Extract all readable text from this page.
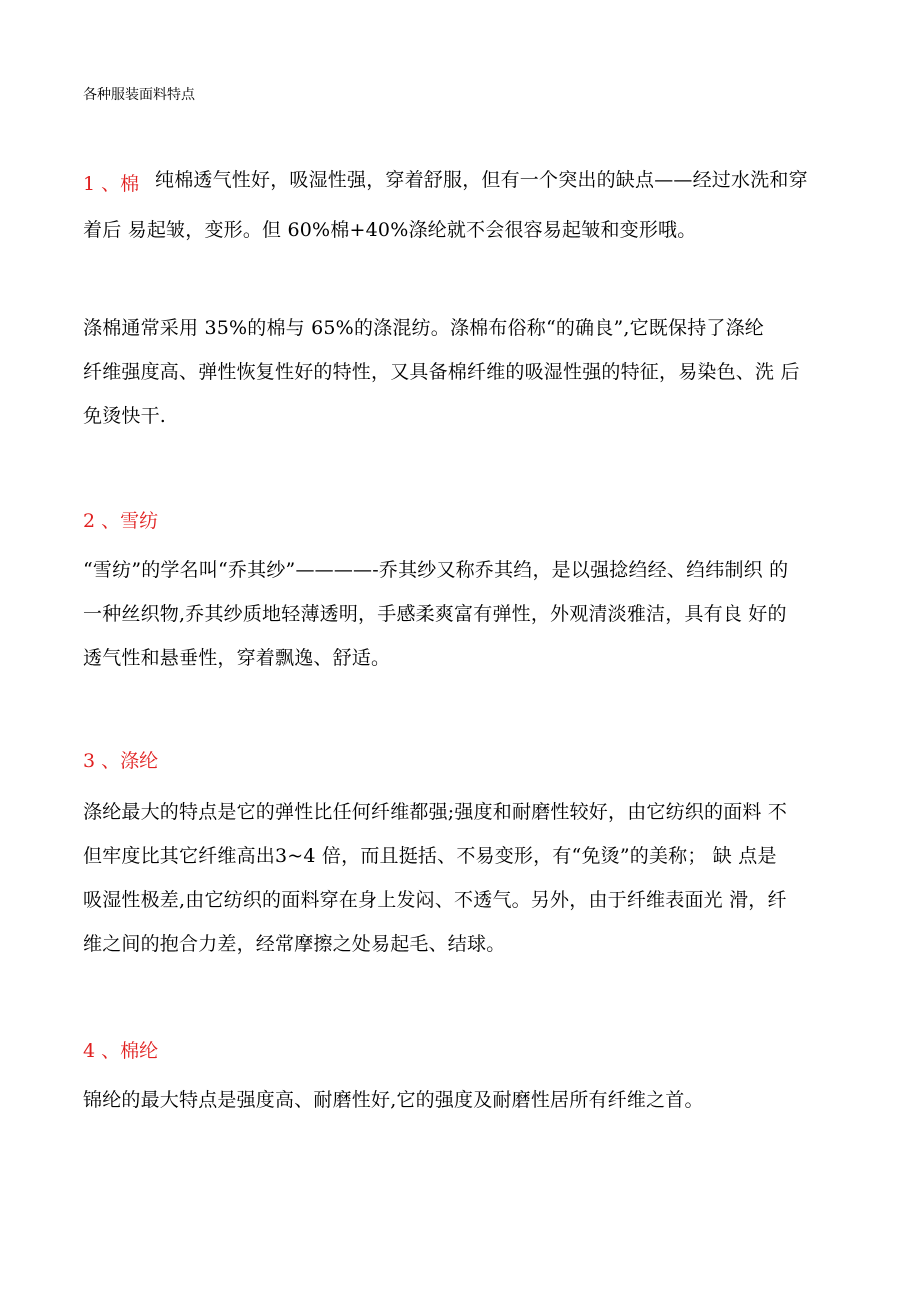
各种服装面料特点
1 、棉 纯棉透气性好，吸湿性强，穿着舒服，但有一个突出的缺点——经过水洗和穿
着后 易起皱，变形。但 60%棉+40%涤纶就不会很容易起皱和变形哦。
涤棉通常采用 35%的棉与 65%的涤混纺。涤棉布俗称“的确良”,它既保持了涤纶
纤维强度高、弹性恢复性好的特性，又具备棉纤维的吸湿性强的特征，易染色、洗 后
免烫快干.
2 、雪纺
“雪纺”的学名叫“乔其纱”————-乔其纱又称乔其绉，是以强捻绉经、绉纬制织 的
一种丝织物,乔其纱质地轻薄透明，手感柔爽富有弹性，外观清淡雅洁，具有良 好的
透气性和悬垂性，穿着飘逸、舒适。
3 、涤纶
涤纶最大的特点是它的弹性比任何纤维都强;强度和耐磨性较好，由它纺织的面料 不
但牢度比其它纤维高出3~4 倍，而且挺括、不易变形，有“免烫”的美称； 缺 点是
吸湿性极差,由它纺织的面料穿在身上发闷、不透气。另外，由于纤维表面光 滑，纤
维之间的抱合力差，经常摩擦之处易起毛、结球。
4 、棉纶
锦纶的最大特点是强度高、耐磨性好,它的强度及耐磨性居所有纤维之首。
